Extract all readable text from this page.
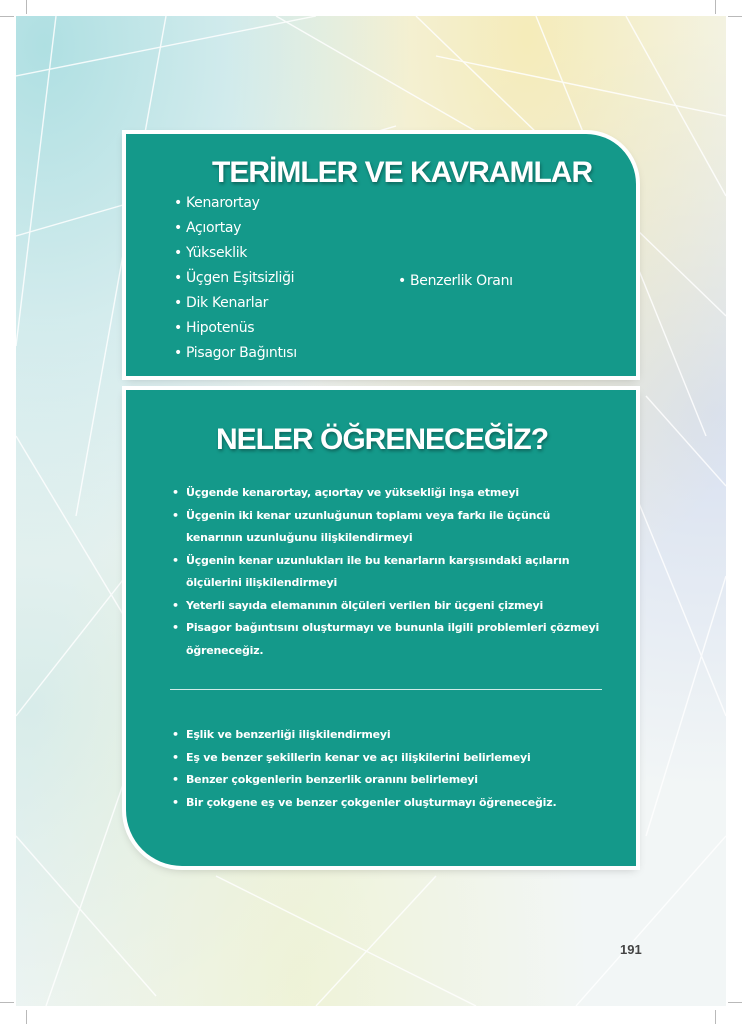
TERİMLER VE KAVRAMLAR

• Kenarortay

• Açıortay

• Yükseklik

• Üçgen Eşitsizliği

• Dik Kenarlar

• Hipotenüs

• Pisagor Bağıntısı

• Benzerlik Oranı

NELER ÖĞRENECEĞİZ?
• Üçgende kenarortay, açıortay ve yüksekliği inşa etmeyi
• Üçgenin iki kenar uzunluğunun toplamı veya farkı ile üçüncü kenarının uzunluğunu ilişkilendirmeyi
• Üçgenin kenar uzunlukları ile bu kenarların karşısındaki açıların ölçülerini ilişkilendirmeyi
• Yeterli sayıda elemanının ölçüleri verilen bir üçgeni çizmeyi
• Pisagor bağıntısını oluşturmayı ve bununla ilgili problemleri çözmeyi öğreneceğiz.
• Eşlik ve benzerliği ilişkilendirmeyi
• Eş ve benzer şekillerin kenar ve açı ilişkilerini belirlemeyi
• Benzer çokgenlerin benzerlik oranını belirlemeyi
• Bir çokgene eş ve benzer çokgenler oluşturmayı öğreneceğiz.
191
